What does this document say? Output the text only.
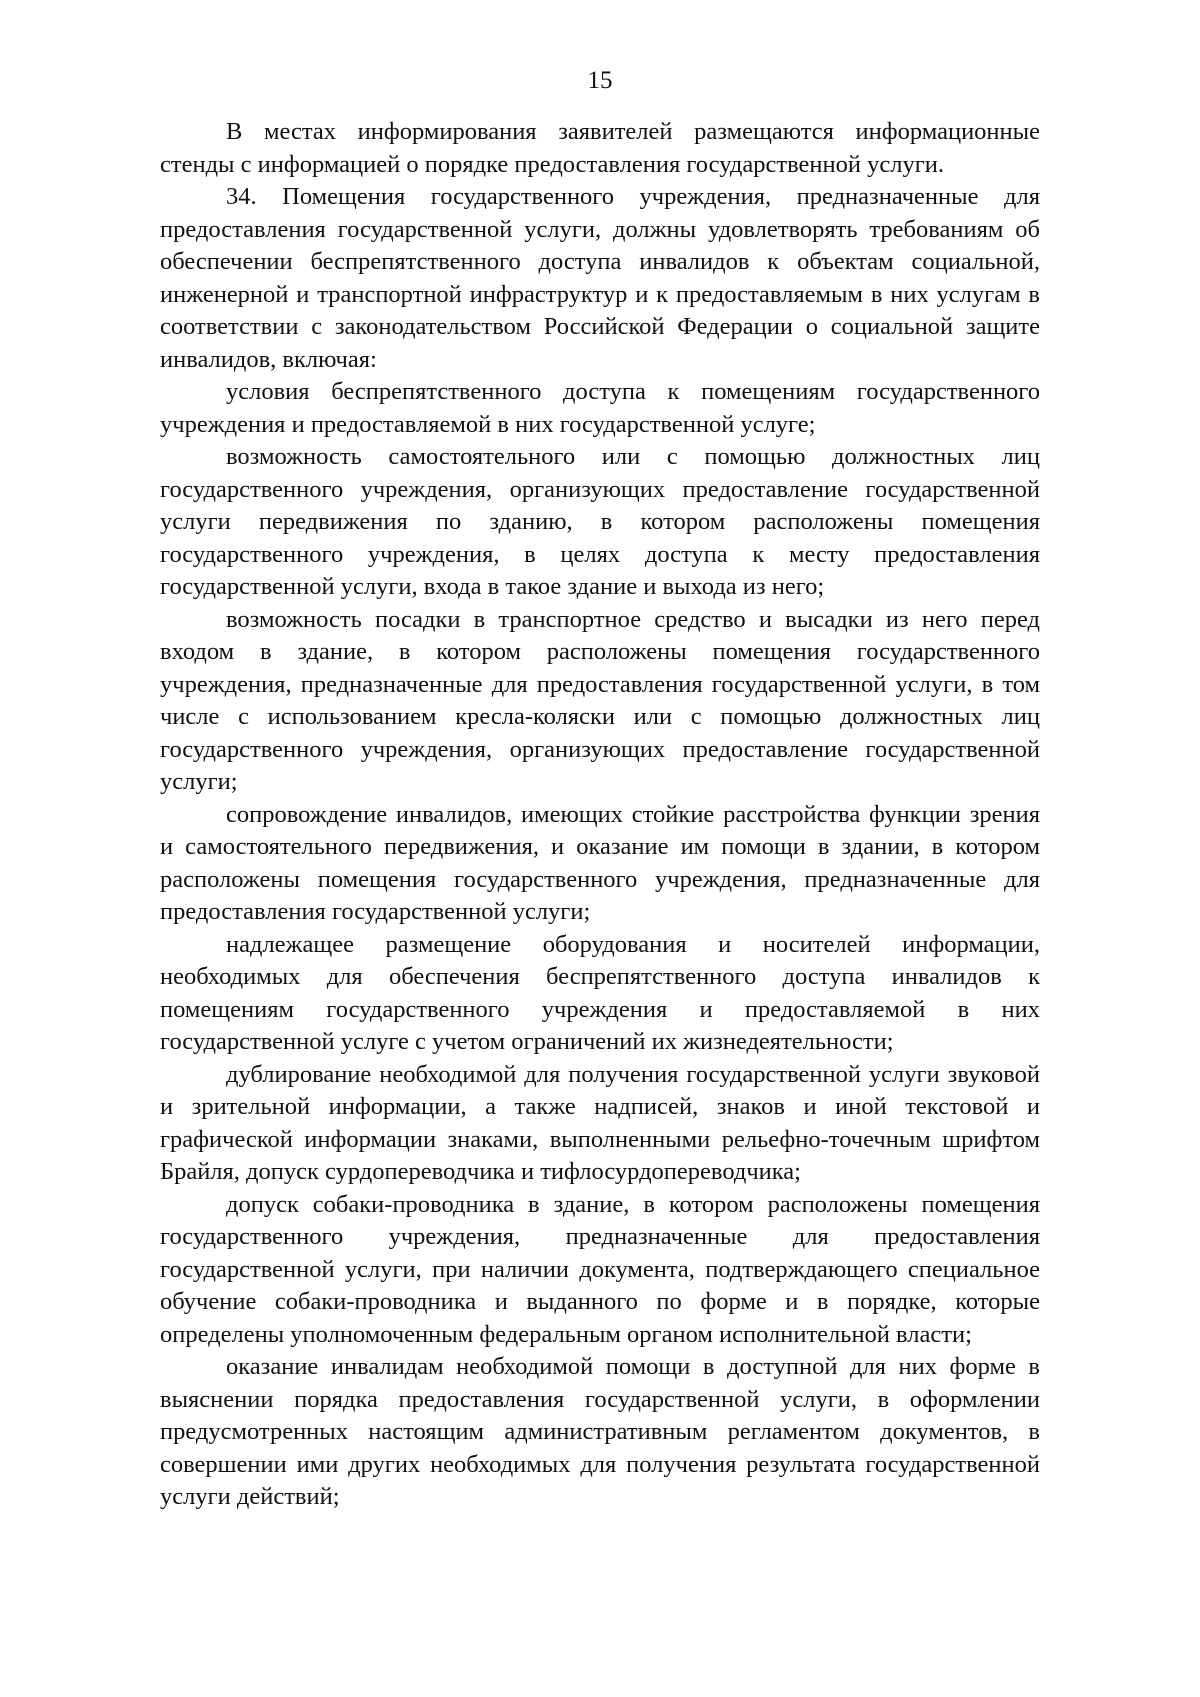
15

В местах информирования заявителей размещаются информационные стенды с информацией о порядке предоставления государственной услуги.

34. Помещения государственного учреждения, предназначенные для предоставления государственной услуги, должны удовлетворять требованиям об обеспечении беспрепятственного доступа инвалидов к объектам социальной, инженерной и транспортной инфраструктур и к предоставляемым в них услугам в соответствии с законодательством Российской Федерации о социальной защите инвалидов, включая:

условия беспрепятственного доступа к помещениям государственного учреждения и предоставляемой в них государственной услуге;

возможность самостоятельного или с помощью должностных лиц государственного учреждения, организующих предоставление государственной услуги передвижения по зданию, в котором расположены помещения государственного учреждения, в целях доступа к месту предоставления государственной услуги, входа в такое здание и выхода из него;

возможность посадки в транспортное средство и высадки из него перед входом в здание, в котором расположены помещения государственного учреждения, предназначенные для предоставления государственной услуги, в том числе с использованием кресла-коляски или с помощью должностных лиц государственного учреждения, организующих предоставление государственной услуги;

сопровождение инвалидов, имеющих стойкие расстройства функции зрения и самостоятельного передвижения, и оказание им помощи в здании, в котором расположены помещения государственного учреждения, предназначенные для предоставления государственной услуги;

надлежащее размещение оборудования и носителей информации, необходимых для обеспечения беспрепятственного доступа инвалидов к помещениям государственного учреждения и предоставляемой в них государственной услуге с учетом ограничений их жизнедеятельности;

дублирование необходимой для получения государственной услуги звуковой и зрительной информации, а также надписей, знаков и иной текстовой и графической информации знаками, выполненными рельефно-точечным шрифтом Брайля, допуск сурдопереводчика и тифлосурдопереводчика;

допуск собаки-проводника в здание, в котором расположены помещения государственного учреждения, предназначенные для предоставления государственной услуги, при наличии документа, подтверждающего специальное обучение собаки-проводника и выданного по форме и в порядке, которые определены уполномоченным федеральным органом исполнительной власти;

оказание инвалидам необходимой помощи в доступной для них форме в выяснении порядка предоставления государственной услуги, в оформлении предусмотренных настоящим административным регламентом документов, в совершении ими других необходимых для получения результата государственной услуги действий;
